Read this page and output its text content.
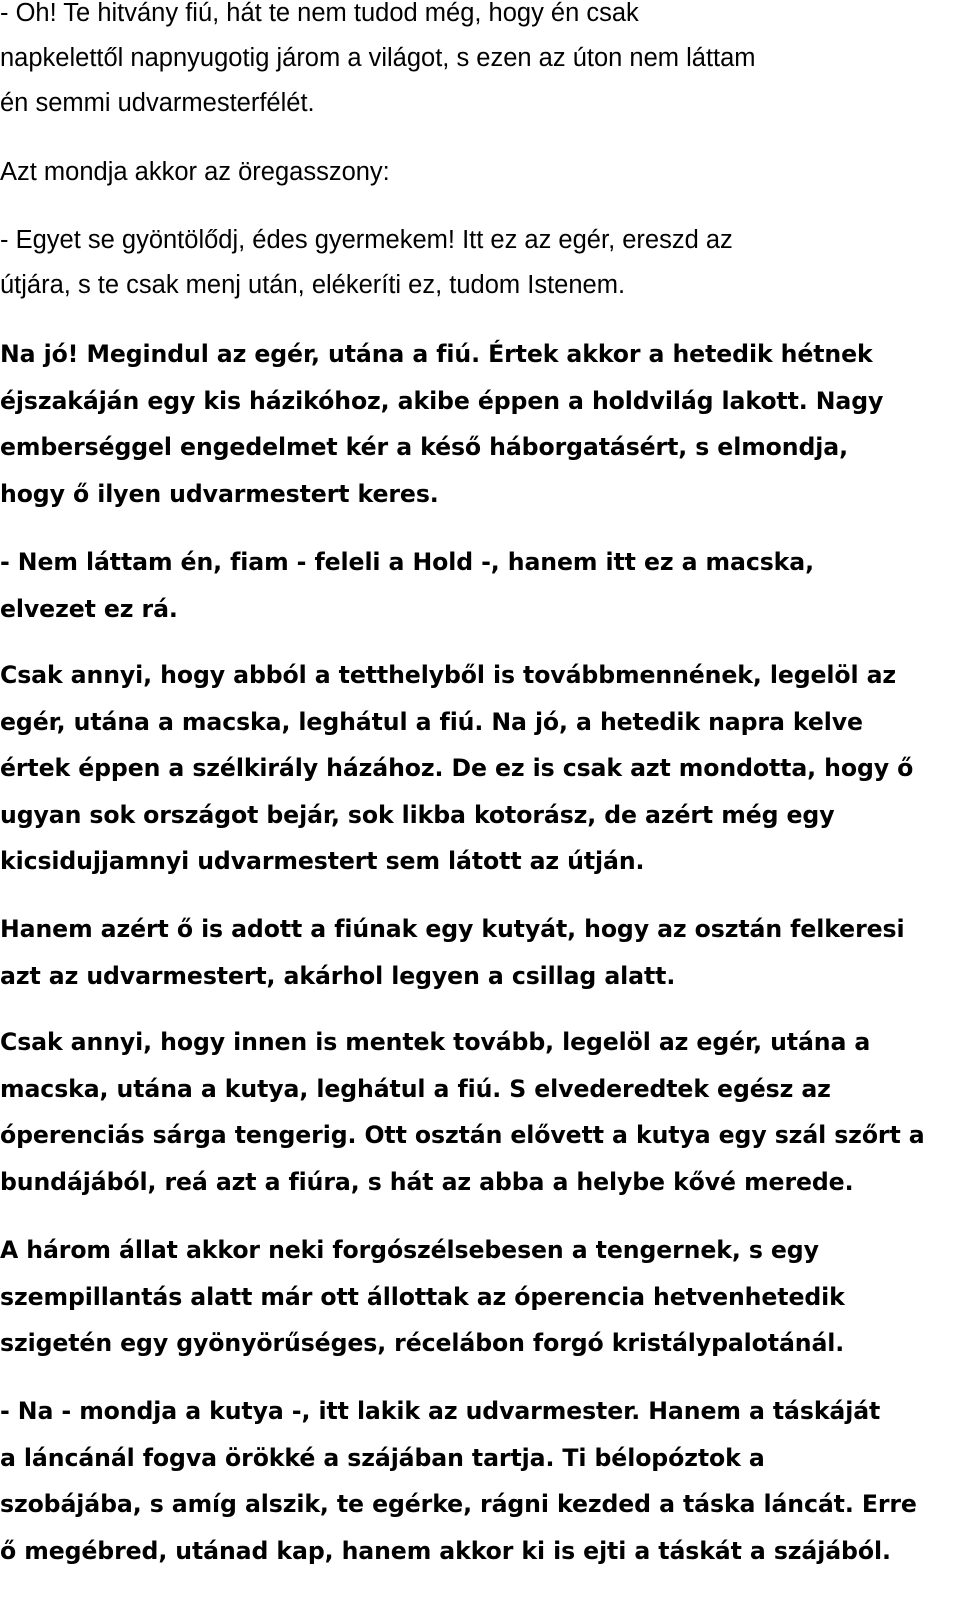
- Oh! Te hitvány fiú, hát te nem tudod még, hogy én csak
napkelettől napnyugotig járom a világot, s ezen az úton nem láttam
én semmi udvarmesterfélét.
Azt mondja akkor az öregasszony:
- Egyet se gyöntölődj, édes gyermekem! Itt ez az egér, ereszd az
útjára, s te csak menj után, elékeríti ez, tudom Istenem.
Na jó! Megindul az egér, utána a fiú. Értek akkor a hetedik hétnek
éjszakáján egy kis házikóhoz, akibe éppen a holdvilág lakott. Nagy
emberséggel engedelmet kér a késő háborgatásért, s elmondja,
hogy ő ilyen udvarmestert keres.
- Nem láttam én, fiam - feleli a Hold -, hanem itt ez a macska,
elvezet ez rá.
Csak annyi, hogy abból a tetthelyből is továbbmennének, legelöl az
egér, utána a macska, leghátul a fiú. Na jó, a hetedik napra kelve
értek éppen a szélkirály házához. De ez is csak azt mondotta, hogy ő
ugyan sok országot bejár, sok likba kotorász, de azért még egy
kicsidujjamnyi udvarmestert sem látott az útján.
Hanem azért ő is adott a fiúnak egy kutyát, hogy az osztán felkeresi
azt az udvarmestert, akárhol legyen a csillag alatt.
Csak annyi, hogy innen is mentek tovább, legelöl az egér, utána a
macska, utána a kutya, leghátul a fiú. S elvederedtek egész az
óperenciás sárga tengerig. Ott osztán elővett a kutya egy szál szőrt a
bundájából, reá azt a fiúra, s hát az abba a helybe kővé merede.
A három állat akkor neki forgószélsebesen a tengernek, s egy
szempillantás alatt már ott állottak az óperencia hetvenhetedik
szigetén egy gyönyörűséges, récelábon forgó kristálypalotánál.
- Na - mondja a kutya -, itt lakik az udvarmester. Hanem a táskáját
a láncánál fogva örökké a szájában tartja. Ti bélopóztok a
szobájába, s amíg alszik, te egérke, rágni kezded a táska láncát. Erre
ő megébred, utánad kap, hanem akkor ki is ejti a táskát a szájából.
